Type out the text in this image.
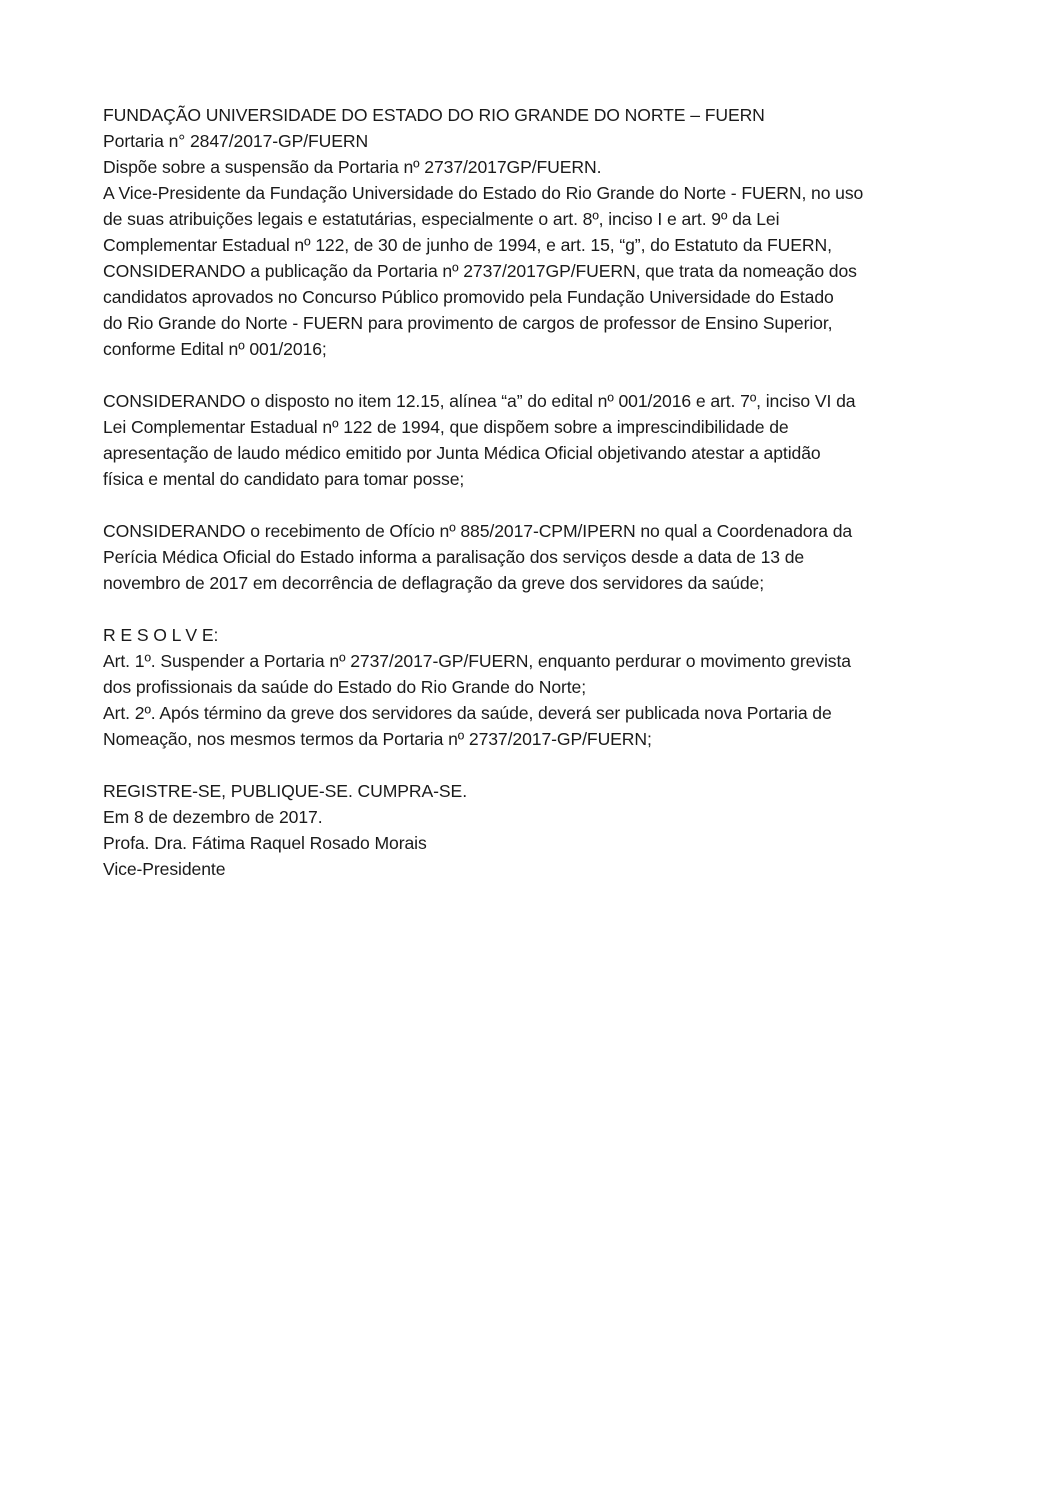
FUNDAÇÃO UNIVERSIDADE DO ESTADO DO RIO GRANDE DO NORTE – FUERN

Portaria n° 2847/2017-GP/FUERN

Dispõe sobre a suspensão da Portaria nº 2737/2017GP/FUERN.

A Vice-Presidente da Fundação Universidade do Estado do Rio Grande do Norte - FUERN, no uso
de suas atribuições legais e estatutárias, especialmente o art. 8º, inciso I e art. 9º da Lei
Complementar Estadual nº 122, de 30 de junho de 1994, e art. 15, “g”, do Estatuto da FUERN,
CONSIDERANDO a publicação da Portaria nº 2737/2017GP/FUERN, que trata da nomeação dos
candidatos aprovados no Concurso Público promovido pela Fundação Universidade do Estado
do Rio Grande do Norte - FUERN para provimento de cargos de professor de Ensino Superior,
conforme Edital nº 001/2016;
CONSIDERANDO o disposto no item 12.15, alínea “a” do edital nº 001/2016 e art. 7º, inciso VI da
Lei Complementar Estadual nº 122 de 1994, que dispõem sobre a imprescindibilidade de
apresentação de laudo médico emitido por Junta Médica Oficial objetivando atestar a aptidão
física e mental do candidato para tomar posse;
CONSIDERANDO o recebimento de Ofício nº 885/2017-CPM/IPERN no qual a Coordenadora da
Perícia Médica Oficial do Estado informa a paralisação dos serviços desde a data de 13 de
novembro de 2017 em decorrência de deflagração da greve dos servidores da saúde;
R E S O L V E:
Art. 1º. Suspender a Portaria nº 2737/2017-GP/FUERN, enquanto perdurar o movimento grevista
dos profissionais da saúde do Estado do Rio Grande do Norte;
Art. 2º. Após término da greve dos servidores da saúde, deverá ser publicada nova Portaria de
Nomeação, nos mesmos termos da Portaria nº 2737/2017-GP/FUERN;

REGISTRE-SE, PUBLIQUE-SE. CUMPRA-SE.

Em 8 de dezembro de 2017.
Profa. Dra. Fátima Raquel Rosado Morais
Vice-Presidente
